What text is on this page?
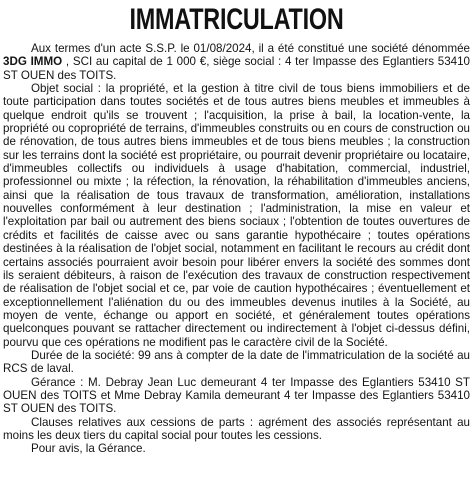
IMMATRICULATION

Aux termes d'un acte S.S.P. le 01/08/2024, il a été constitué une société dénommée 3DG IMMO , SCI au capital de 1 000 €, siège social : 4 ter Impasse des Eglantiers 53410 ST OUEN des TOITS.

Objet social : la propriété, et la gestion à titre civil de tous biens immobiliers et de toute participation dans toutes sociétés et de tous autres biens meubles et immeubles à quelque endroit qu'ils se trouvent ; l'acquisition, la prise à bail, la location-vente, la propriété ou copropriété de terrains, d'immeubles construits ou en cours de construction ou de rénovation, de tous autres biens immeubles et de tous biens meubles ; la construction sur les terrains dont la société est propriétaire, ou pourrait devenir propriétaire ou locataire, d'immeubles collectifs ou individuels à usage d'habitation, commercial, industriel, professionnel ou mixte ; la réfection, la rénovation, la réhabilitation d'immeubles anciens, ainsi que la réalisation de tous travaux de transformation, amélioration, installations nouvelles conformément à leur destination ; l'administration, la mise en valeur et l'exploitation par bail ou autrement des biens sociaux ; l'obtention de toutes ouvertures de crédits et facilités de caisse avec ou sans garantie hypothécaire ; toutes opérations destinées à la réalisation de l'objet social, notamment en facilitant le recours au crédit dont certains associés pourraient avoir besoin pour libérer envers la société des sommes dont ils seraient débiteurs, à raison de l'exécution des travaux de construction respectivement de réalisation de l'objet social et ce, par voie de caution hypothécaires ; éventuellement et exceptionnellement l'aliénation du ou des immeubles devenus inutiles à la Société, au moyen de vente, échange ou apport en société, et généralement toutes opérations quelconques pouvant se rattacher directement ou indirectement à l'objet ci-dessus défini, pourvu que ces opérations ne modifient pas le caractère civil de la Société.

Durée de la société: 99 ans à compter de la date de l'immatriculation de la société au RCS de laval.

Gérance : M. Debray Jean Luc demeurant 4 ter Impasse des Eglantiers 53410 ST OUEN des TOITS et Mme Debray Kamila demeurant 4 ter Impasse des Eglantiers 53410 ST OUEN des TOITS.

Clauses relatives aux cessions de parts : agrément des associés représentant au moins les deux tiers du capital social pour toutes les cessions.

Pour avis, la Gérance.
